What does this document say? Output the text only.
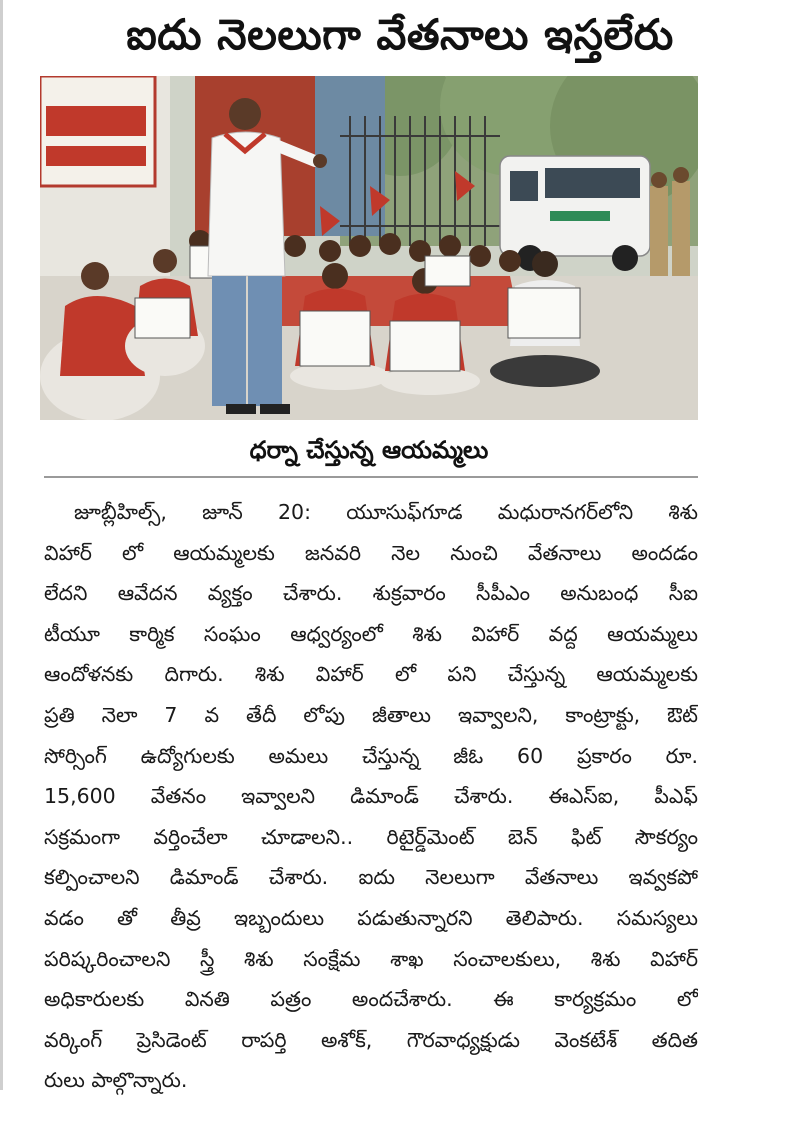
ఐదు నెలలుగా వేతనాలు ఇస్తలేరు
ధర్నా చేస్తున్న ఆయమ్మలు
జూబ్లీహిల్స్, జూన్ 20: యూసుఫ్‌గూడ మధురానగర్‌లోని శిశు
విహార్ లో ఆయమ్మలకు జనవరి నెల నుంచి వేతనాలు అందడం
లేదని ఆవేదన వ్యక్తం చేశారు. శుక్రవారం సీపీఎం అనుబంధ సీఐ
టీయూ కార్మిక సంఘం ఆధ్వర్యంలో శిశు విహార్ వద్ద ఆయమ్మలు
ఆందోళనకు దిగారు. శిశు విహార్ లో పని చేస్తున్న ఆయమ్మలకు
ప్రతి నెలా 7 వ తేదీ లోపు జీతాలు ఇవ్వాలని, కాంట్రాక్టు, ఔట్
సోర్సింగ్ ఉద్యోగులకు అమలు చేస్తున్న జీఓ 60 ప్రకారం రూ.
15,600 వేతనం ఇవ్వాలని డిమాండ్ చేశారు. ఈఎస్ఐ, పీఎఫ్
సక్రమంగా వర్తించేలా చూడాలని.. రిటైర్డ్‌మెంట్ బెన్ ఫిట్ సౌకర్యం
కల్పించాలని డిమాండ్ చేశారు. ఐదు నెలలుగా వేతనాలు ఇవ్వకపో
వడం తో తీవ్ర ఇబ్బందులు పడుతున్నారని తెలిపారు. సమస్యలు
పరిష్కరించాలని స్త్రీ శిశు సంక్షేమ శాఖ సంచాలకులు, శిశు విహార్
అధికారులకు వినతి పత్రం అందచేశారు. ఈ కార్యక్రమం లో
వర్కింగ్ ప్రెసిడెంట్ రాపర్తి అశోక్, గౌరవాధ్యక్షుడు వెంకటేశ్ తదిత
రులు పాల్గొన్నారు.
